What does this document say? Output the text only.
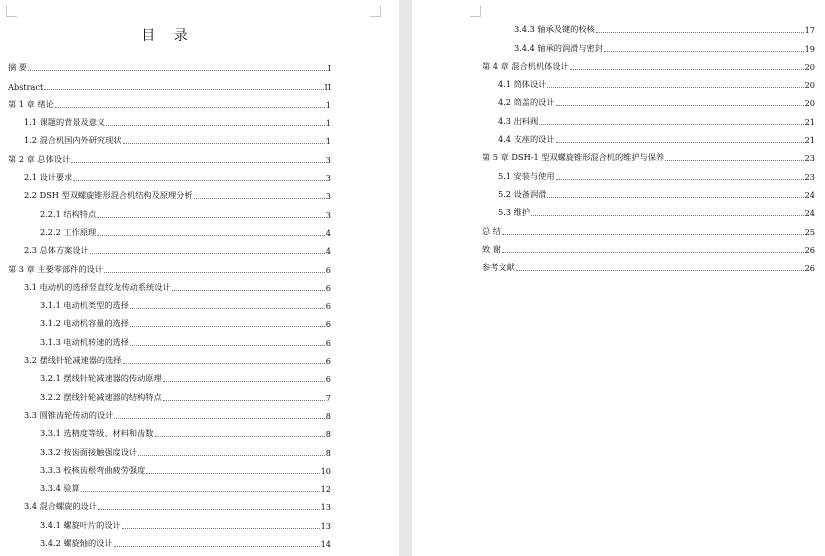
目 录
摘 要	I
Abstract	II
第 1 章 绪论	1
1.1 课题的背景及意义	1
1.2 混合机国内外研究现状	1
第 2 章 总体设计	3
2.1 设计要求	3
2.2 DSH 型双螺旋锥形混合机结构及原理分析	3
2.2.1 结构特点	3
2.2.2 工作原理	4
2.3 总体方案设计	4
第 3 章 主要零部件的设计	6
3.1 电动机的选择竖直绞龙传动系统设计	6
3.1.1 电动机类型的选择	6
3.1.2 电动机容量的选择	6
3.1.3 电动机转速的选择	6
3.2 摆线针轮减速器的选择	6
3.2.1 摆线针轮减速器的传动原理	6
3.2.2 摆线针轮减速器的结构特点	7
3.3 圆锥齿轮传动的设计	8
3.3.1 选精度等级、材料和齿数	8
3.3.2 按齿面接触强度设计	8
3.3.3 校核齿根弯曲疲劳强度	10
3.3.4 验算	12
3.4 混合螺旋的设计	13
3.4.1 螺旋叶片的设计	13
3.4.2 螺旋轴的设计	14
3.4.3 轴承及键的校核	17
3.4.4 轴承的润滑与密封	19
第 4 章 混合机机体设计	20
4.1 筒体设计	20
4.2 筒盖的设计	20
4.3 出料阀	21
4.4 支座的设计	21
第 5 章 DSH-1 型双螺旋锥形混合机的维护与保养	23
5.1 安装与使用	23
5.2 设备润滑	24
5.3 维护	24
总 结	25
致 谢	26
参考文献	26
